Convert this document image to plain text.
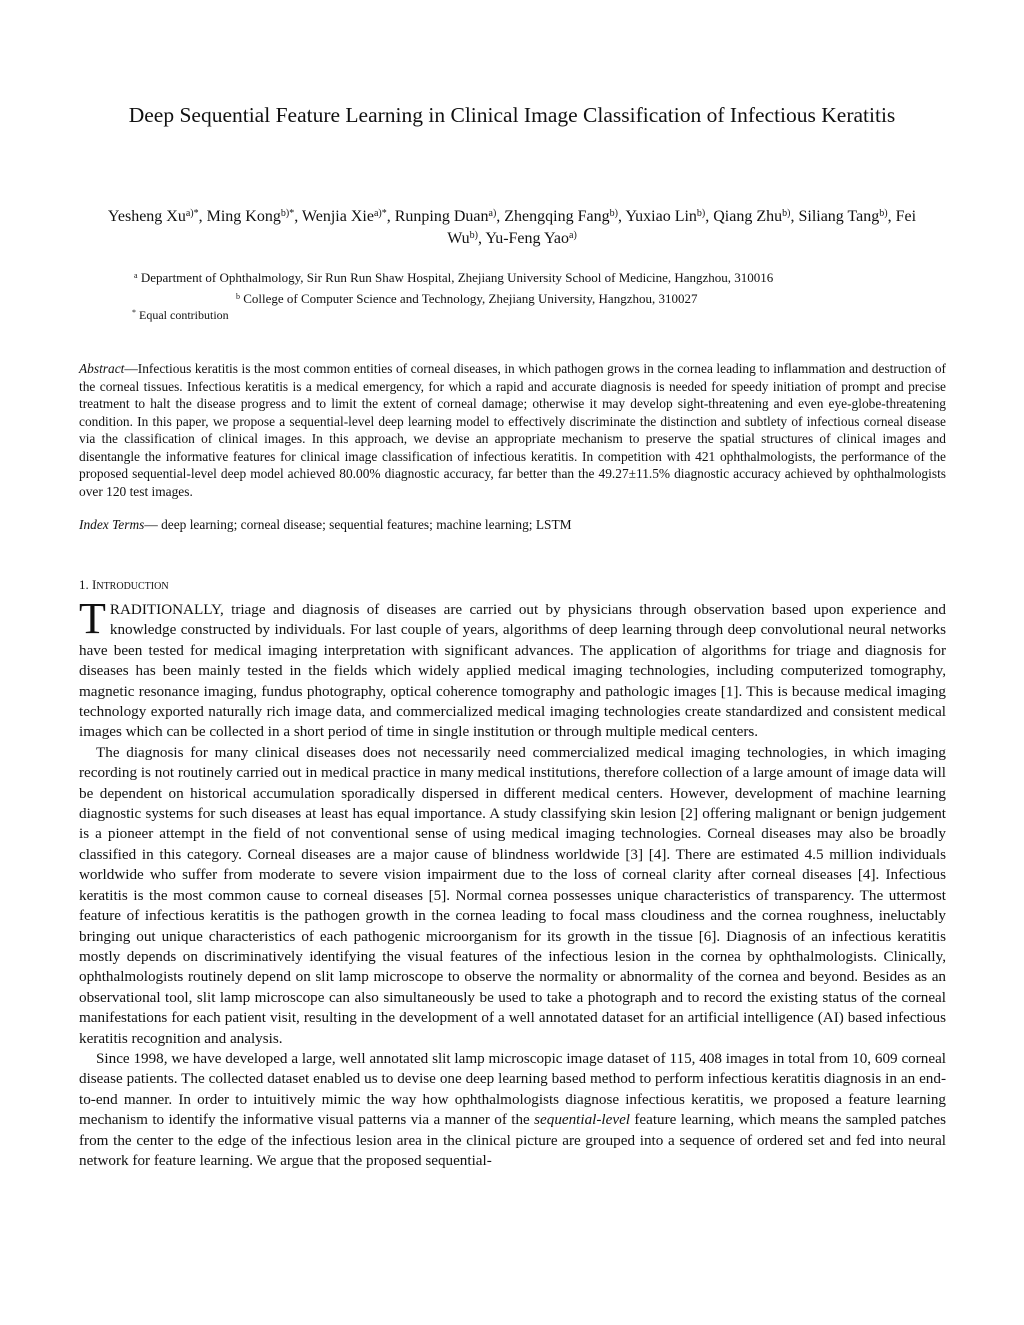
Deep Sequential Feature Learning in Clinical Image Classification of Infectious Keratitis
Yesheng $Xu^{a)*}$, Ming Kong$^{b)*}$, Wenjia Xie$^{a)*}$, Runping Duan$^{a)}$, Zhengqing Fang$^{b)}$, Yuxiao Lin$^{b)}$, Qiang Zhu$^{b)}$, Siliang Tang$^{b)}$, Fei Wu$^{b)}$, Yu-Feng Yao$^{a)}$
$^a$ Department of Ophthalmology, Sir Run Run Shaw Hospital, Zhejiang University School of Medicine, Hangzhou, 310016
$^b$ College of Computer Science and Technology, Zhejiang University, Hangzhou, 310027
* Equal contribution

Abstract—Infectious keratitis is the most common entities of corneal diseases, in which pathogen grows in the cornea leading to inflammation and destruction of the corneal tissues. Infectious keratitis is a medical emergency, for which a rapid and accurate diagnosis is needed for speedy initiation of prompt and precise treatment to halt the disease progress and to limit the extent of corneal damage; otherwise it may develop sight-threatening and even eye-globe-threatening condition. In this paper, we propose a sequential-level deep learning model to effectively discriminate the distinction and subtlety of infectious corneal disease via the classification of clinical images. In this approach, we devise an appropriate mechanism to preserve the spatial structures of clinical images and disentangle the informative features for clinical image classification of infectious keratitis. In competition with 421 ophthalmologists, the performance of the proposed sequential-level deep model achieved 80.00% diagnostic accuracy, far better than the 49.27±11.5% diagnostic accuracy achieved by ophthalmologists over 120 test images.

Index Terms— deep learning; corneal disease; sequential features; machine learning; LSTM

1. INTRODUCTION

TRADITIONALLY, triage and diagnosis of diseases are carried out by physicians through observation based upon experience and knowledge constructed by individuals. For last couple of years, algorithms of deep learning through deep convolutional neural networks have been tested for medical imaging interpretation with significant advances. The application of algorithms for triage and diagnosis for diseases has been mainly tested in the fields which widely applied medical imaging technologies, including computerized tomography, magnetic resonance imaging, fundus photography, optical coherence tomography and pathologic images [1]. This is because medical imaging technology exported naturally rich image data, and commercialized medical imaging technologies create standardized and consistent medical images which can be collected in a short period of time in single institution or through multiple medical centers.

The diagnosis for many clinical diseases does not necessarily need commercialized medical imaging technologies, in which imaging recording is not routinely carried out in medical practice in many medical institutions, therefore collection of a large amount of image data will be dependent on historical accumulation sporadically dispersed in different medical centers. However, development of machine learning diagnostic systems for such diseases at least has equal importance. A study classifying skin lesion [2] offering malignant or benign judgement is a pioneer attempt in the field of not conventional sense of using medical imaging technologies. Corneal diseases may also be broadly classified in this category. Corneal diseases are a major cause of blindness worldwide [3] [4]. There are estimated 4.5 million individuals worldwide who suffer from moderate to severe vision impairment due to the loss of corneal clarity after corneal diseases [4]. Infectious keratitis is the most common cause to corneal diseases [5]. Normal cornea possesses unique characteristics of transparency. The uttermost feature of infectious keratitis is the pathogen growth in the cornea leading to focal mass cloudiness and the cornea roughness, ineluctably bringing out unique characteristics of each pathogenic microorganism for its growth in the tissue [6]. Diagnosis of an infectious keratitis mostly depends on discriminatively identifying the visual features of the infectious lesion in the cornea by ophthalmologists. Clinically, ophthalmologists routinely depend on slit lamp microscope to observe the normality or abnormality of the cornea and beyond. Besides as an observational tool, slit lamp microscope can also simultaneously be used to take a photograph and to record the existing status of the corneal manifestations for each patient visit, resulting in the development of a well annotated dataset for an artificial intelligence (AI) based infectious keratitis recognition and analysis.

Since 1998, we have developed a large, well annotated slit lamp microscopic image dataset of 115, 408 images in total from 10, 609 corneal disease patients. The collected dataset enabled us to devise one deep learning based method to perform infectious keratitis diagnosis in an end-to-end manner. In order to intuitively mimic the way how ophthalmologists diagnose infectious keratitis, we proposed a feature learning mechanism to identify the informative visual patterns via a manner of the sequential-level feature learning, which means the sampled patches from the center to the edge of the infectious lesion area in the clinical picture are grouped into a sequence of ordered set and fed into neural network for feature learning. We argue that the proposed sequential-
